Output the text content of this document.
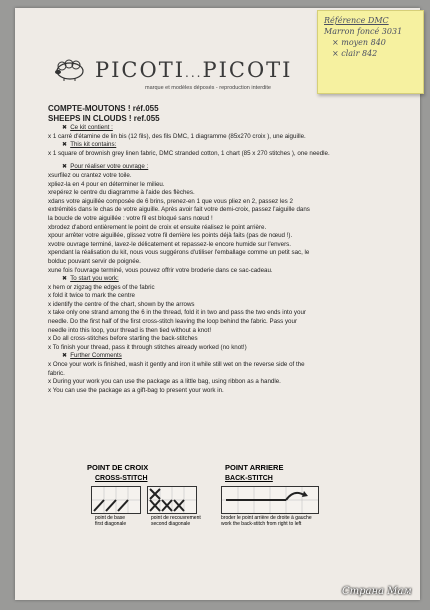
PICOTI...PICOTI
marque et modèles déposés - reproduction interdite
COMPTE-MOUTONS ! réf.055
SHEEPS IN CLOUDS ! ref.055
✖ Ce kit contient :
x 1 carré d'étamine de lin bis (12 fils), des fils DMC, 1 diagramme (85x270 croix ), une aiguille.
✖ This kit contains:
x 1 square of brownish grey linen fabric, DMC stranded cotton, 1 chart (85 x 270 stitches ), one needle.
✖ Pour réaliser votre ouvrage :
xsurfilez ou crantez votre toile.
xpliez-la en 4 pour en déterminer le milieu.
xrepérez le centre du diagramme à l'aide des flèches.
xdans votre aiguillée composée de 6 brins, prenez-en 1 que vous pliez en 2, passez les 2
extrémités dans le chas de votre aiguille. Après avoir fait votre demi-croix, passez l'aiguille dans
la boucle de votre aiguillée : votre fil est bloqué sans nœud !
xbrodez d'abord entièrement le point de croix et ensuite réalisez le point arrière.
xpour arrêter votre aiguillée, glissez votre fil derrière les points déjà faits (pas de nœud !).
xvotre ouvrage terminé, lavez-le délicatement et repassez-le encore humide sur l'envers.
xpendant la réalisation du kit, nous vous suggérons d'utiliser l'emballage comme un petit sac, le
bolduc pouvant servir de poignée.
xune fois l'ouvrage terminé, vous pouvez offrir votre broderie dans ce sac-cadeau.
✖ To start you work:
x hem or zigzag the edges of the fabric
x fold it twice to mark the centre
x identify the centre of the chart, shown by the arrows
x take only one strand among the 6 in the thread, fold it in two and pass the two ends into your
needle. Do the first half of the first cross-stitch leaving the loop behind the fabric. Pass your
needle into this loop, your thread is then tied without a knot!
x Do all cross-stitches before starting the back-stitches
x To finish your thread, pass it through stitches already worked (no knot!)
✖ Further Comments
x Once your work is finished, wash it gently and iron it while still wet on the reverse side of the
fabric.
x During your work you can use the package as a little bag, using ribbon as a handle.
x You can use the package as a gift-bag to present your work in.
POINT DE CROIX
CROSS-STITCH
POINT ARRIERE
BACK-STITCH
point de base
first diagonale
point de recouvrement
second diagonale
broder le point arrière de droite à gauche
work the back-stitch from right to left
Référence DMC
Marron foncé 3031
× moyen 840
× clair 842
Страна Мам
